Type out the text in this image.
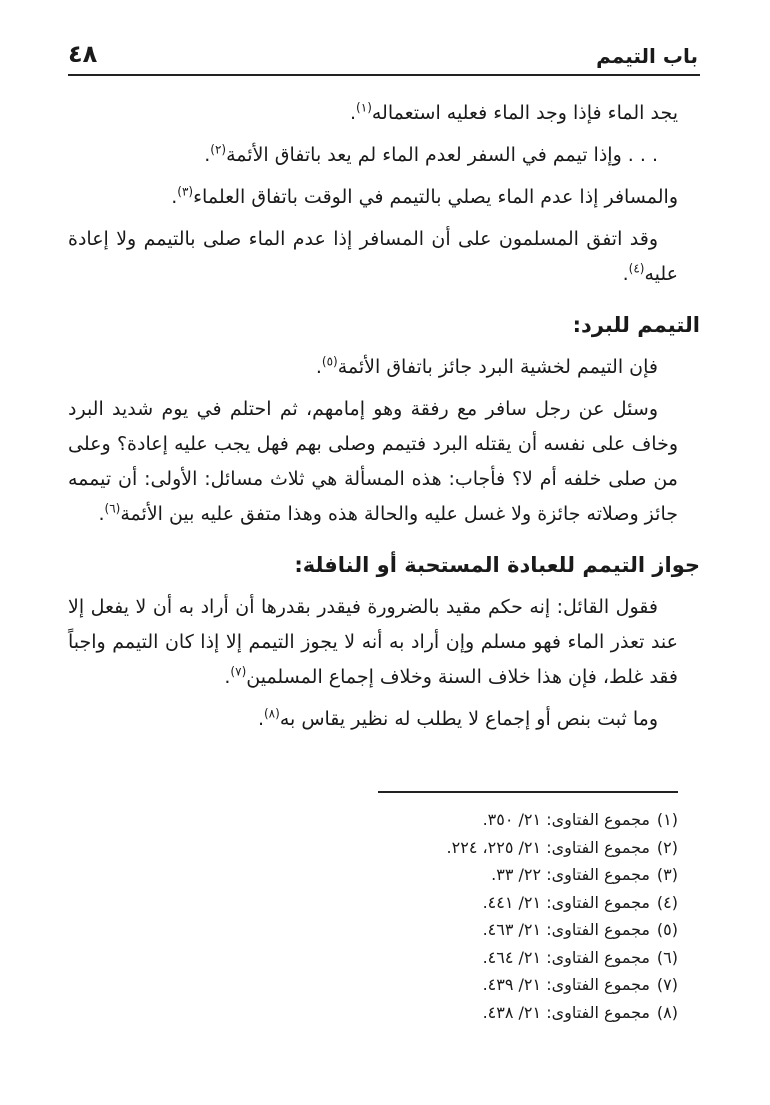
٤٨	باب التيمم

يجد الماء فإذا وجد الماء فعليه استعماله$^{(١)}$.

. . . وإذا تيمم في السفر لعدم الماء لم يعد باتفاق الأئمة$^{(٢)}$.

والمسافر إذا عدم الماء يصلي بالتيمم في الوقت باتفاق العلماء$^{(٣)}$.

وقد اتفق المسلمون على أن المسافر إذا عدم الماء صلى بالتيمم ولا إعادة عليه$^{(٤)}$.

التيمم للبرد:

فإن التيمم لخشية البرد جائز باتفاق الأئمة$^{(٥)}$.

وسئل عن رجل سافر مع رفقة وهو إمامهم، ثم احتلم في يوم شديد البرد وخاف على نفسه أن يقتله البرد فتيمم وصلى بهم فهل يجب عليه إعادة؟ وعلى من صلى خلفه أم لا؟ فأجاب: هذه المسألة هي ثلاث مسائل: الأولى: أن تيممه جائز وصلاته جائزة ولا غسل عليه والحالة هذه وهذا متفق عليه بين الأئمة$^{(٦)}$.

جواز التيمم للعبادة المستحبة أو النافلة:

فقول القائل: إنه حكم مقيد بالضرورة فيقدر بقدرها أن أراد به أن لا يفعل إلا عند تعذر الماء فهو مسلم وإن أراد به أنه لا يجوز التيمم إلا إذا كان التيمم واجباً فقد غلط، فإن هذا خلاف السنة وخلاف إجماع المسلمين$^{(٧)}$.

وما ثبت بنص أو إجماع لا يطلب له نظير يقاس به$^{(٨)}$.

(١)مجموع الفتاوى: ٢١/ ٣٥٠.
(٢)مجموع الفتاوى: ٢١/ ٢٢٥، ٢٢٤.
(٣)مجموع الفتاوى: ٢٢/ ٣٣.
(٤)مجموع الفتاوى: ٢١/ ٤٤١.
(٥)مجموع الفتاوى: ٢١/ ٤٦٣.
(٦)مجموع الفتاوى: ٢١/ ٤٦٤.
(٧)مجموع الفتاوى: ٢١/ ٤٣٩.
(٨)مجموع الفتاوى: ٢١/ ٤٣٨.
